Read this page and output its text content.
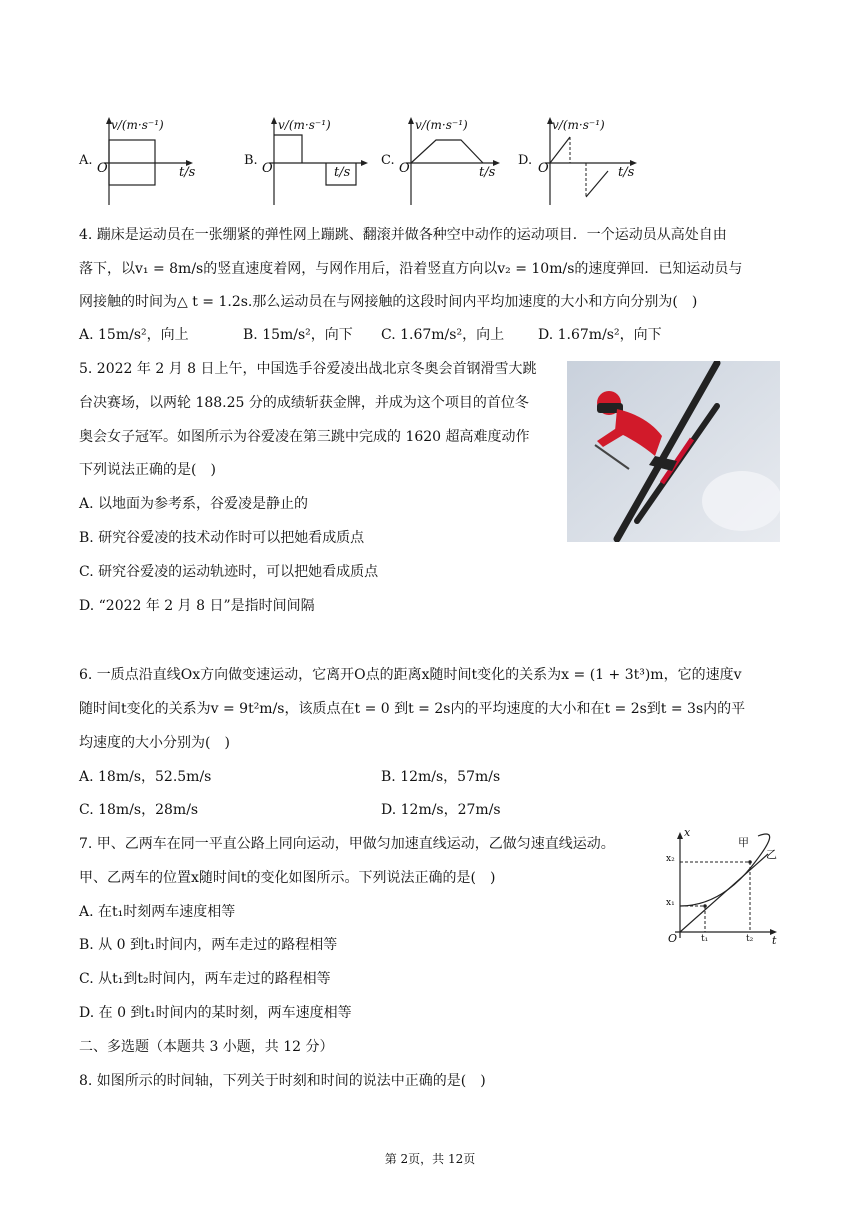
A.
v/(m·s⁻¹)
O	t/s
B.
v/(m·s⁻¹)
O	t/s
C.
v/(m·s⁻¹)
O	t/s
D.
v/(m·s⁻¹)
O	t/s
4. 蹦床是运动员在一张绷紧的弹性网上蹦跳、翻滚并做各种空中动作的运动项目．一个运动员从高处自由
落下，以v₁ = 8m/s的竖直速度着网，与网作用后，沿着竖直方向以v₂ = 10m/s的速度弹回．已知运动员与
网接触的时间为△ t = 1.2s.那么运动员在与网接触的这段时间内平均加速度的大小和方向分别为(　)
A. 15m/s²，向上	B. 15m/s²，向下 C. 1.67m/s²，向上 D. 1.67m/s²，向下
5. 2022 年 2 月 8 日上午，中国选手谷爱凌出战北京冬奥会首钢滑雪大跳
台决赛场，以两轮 188.25 分的成绩斩获金牌，并成为这个项目的首位冬
奥会女子冠军。如图所示为谷爱凌在第三跳中完成的 1620 超高难度动作
下列说法正确的是(　)
A. 以地面为参考系，谷爱凌是静止的
B. 研究谷爱凌的技术动作时可以把她看成质点
C. 研究谷爱凌的运动轨迹时，可以把她看成质点
D. “2022 年 2 月 8 日”是指时间间隔
6. 一质点沿直线Ox方向做变速运动，它离开O点的距离x随时间t变化的关系为x = (1 + 3t³)m，它的速度v
随时间t变化的关系为v = 9t²m/s，该质点在t = 0 到t = 2s内的平均速度的大小和在t = 2s到t = 3s内的平
均速度的大小分别为(　)
A. 18m/s，52.5m/s	B. 12m/s，57m/s
C. 18m/s，28m/s	D. 12m/s，27m/s
7. 甲、乙两车在同一平直公路上同向运动，甲做匀加速直线运动，乙做匀速直线运动。
甲、乙两车的位置x随时间t的变化如图所示。下列说法正确的是(　)
A. 在t₁时刻两车速度相等
B. 从 0 到t₁时间内，两车走过的路程相等
C. 从t₁到t₂时间内，两车走过的路程相等
D. 在 0 到t₁时间内的某时刻，两车速度相等
x
O	t
x₁
x₂
t₁	t₂
甲
乙
二、多选题（本题共 3 小题，共 12 分）
8. 如图所示的时间轴，下列关于时刻和时间的说法中正确的是(　)
第 2页，共 12页
